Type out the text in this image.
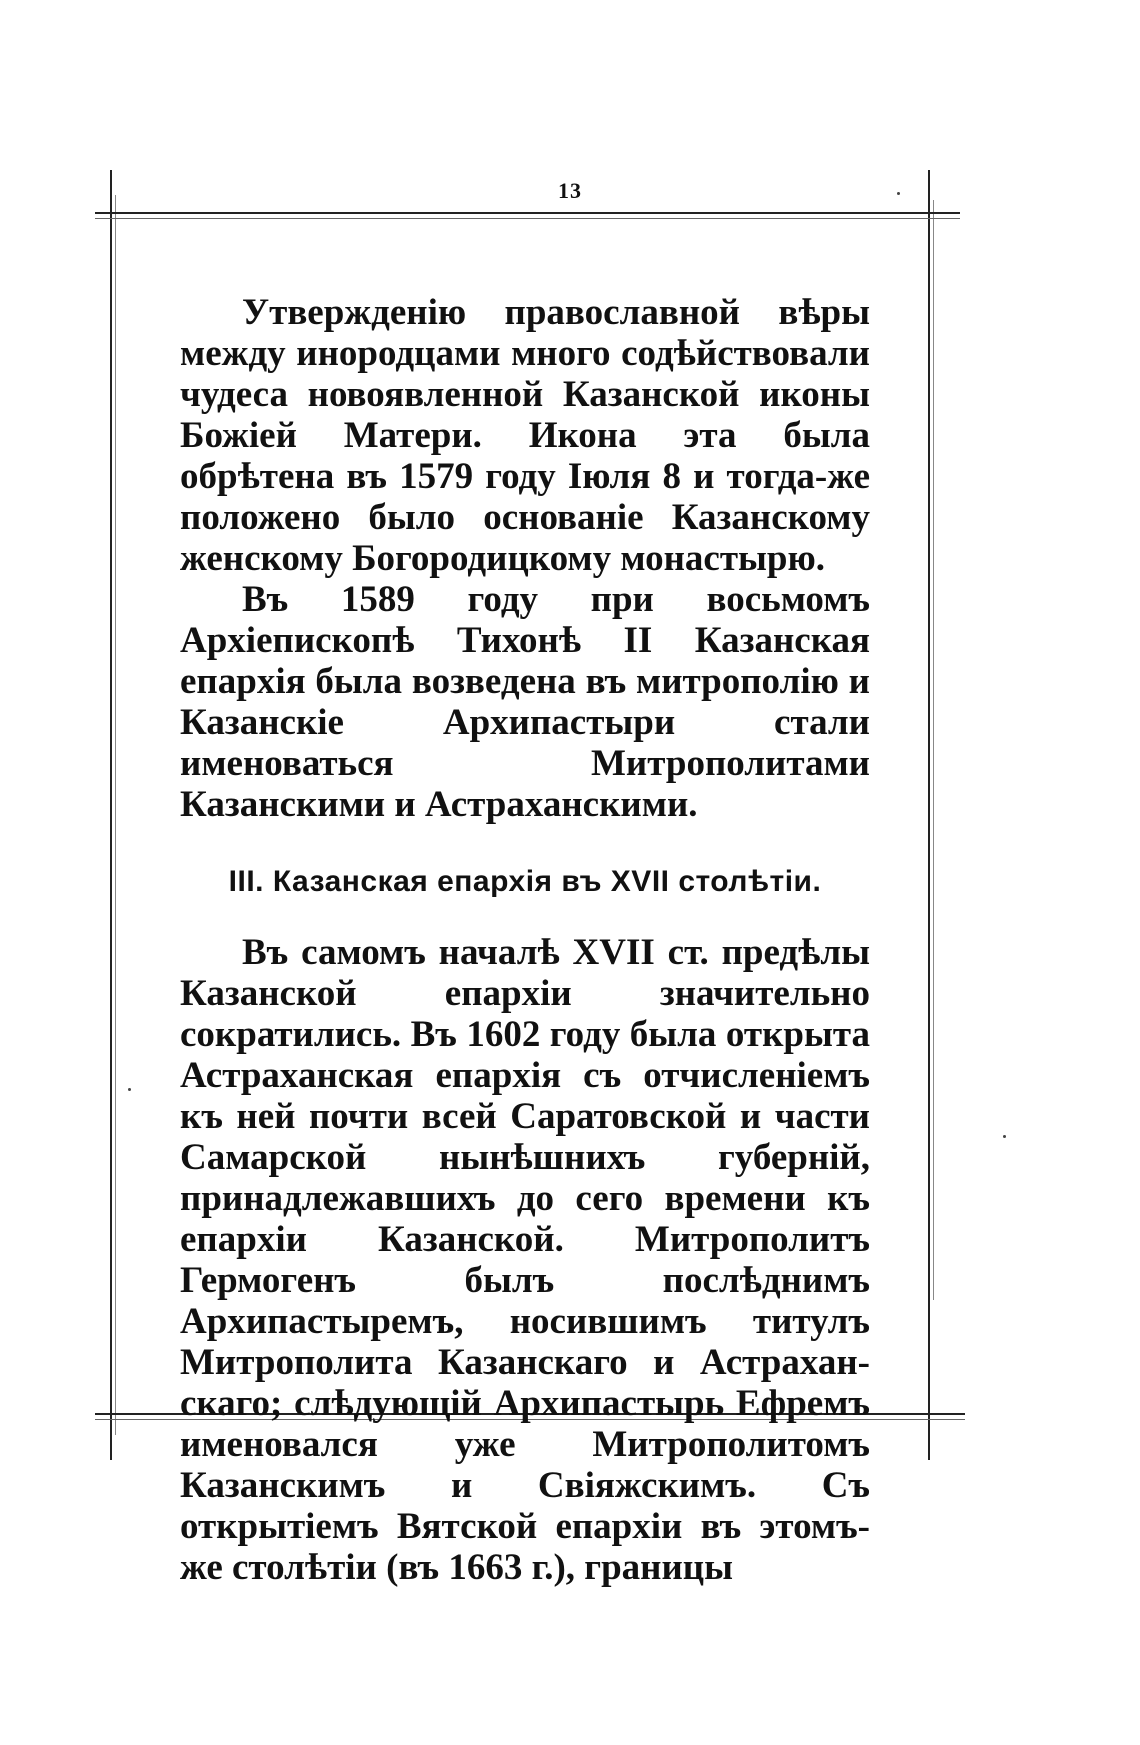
13

Утвержденію православной вѣры между инородцами много содѣйствовали чудеса новоявленной Казанской иконы Божіей Матери. Икона эта была обрѣтена въ 1579 году Іюля 8 и тогда-же положено было основаніе Казанскому женскому Богородицкому монастырю.

Въ 1589 году при восьмомъ Архіепископѣ Тихонѣ II Казанская епархія была возведена въ митрополію и Казанскіе Архипастыри стали именоваться Митрополитами Казанскими и Астраханскими.

III. Казанская епархія въ XVII столѣтіи.

Въ самомъ началѣ XVII ст. предѣлы Казанской епархіи значительно сократились. Въ 1602 году была открыта Астраханская епархія съ отчисленіемъ къ ней почти всей Саратовской и части Самарской нынѣшнихъ губерній, принадлежавшихъ до сего времени къ епархіи Казанской. Митрополитъ Гермогенъ былъ послѣднимъ Архипастыремъ, носившимъ титулъ Митрополита Казанскаго и Астраханскаго; слѣдующій Архипастырь Ефремъ именовался уже Митрополитомъ Казанскимъ и Свіяжскимъ. Съ открытіемъ Вятской епархіи въ этомъ-же столѣтіи (въ 1663 г.), границы
